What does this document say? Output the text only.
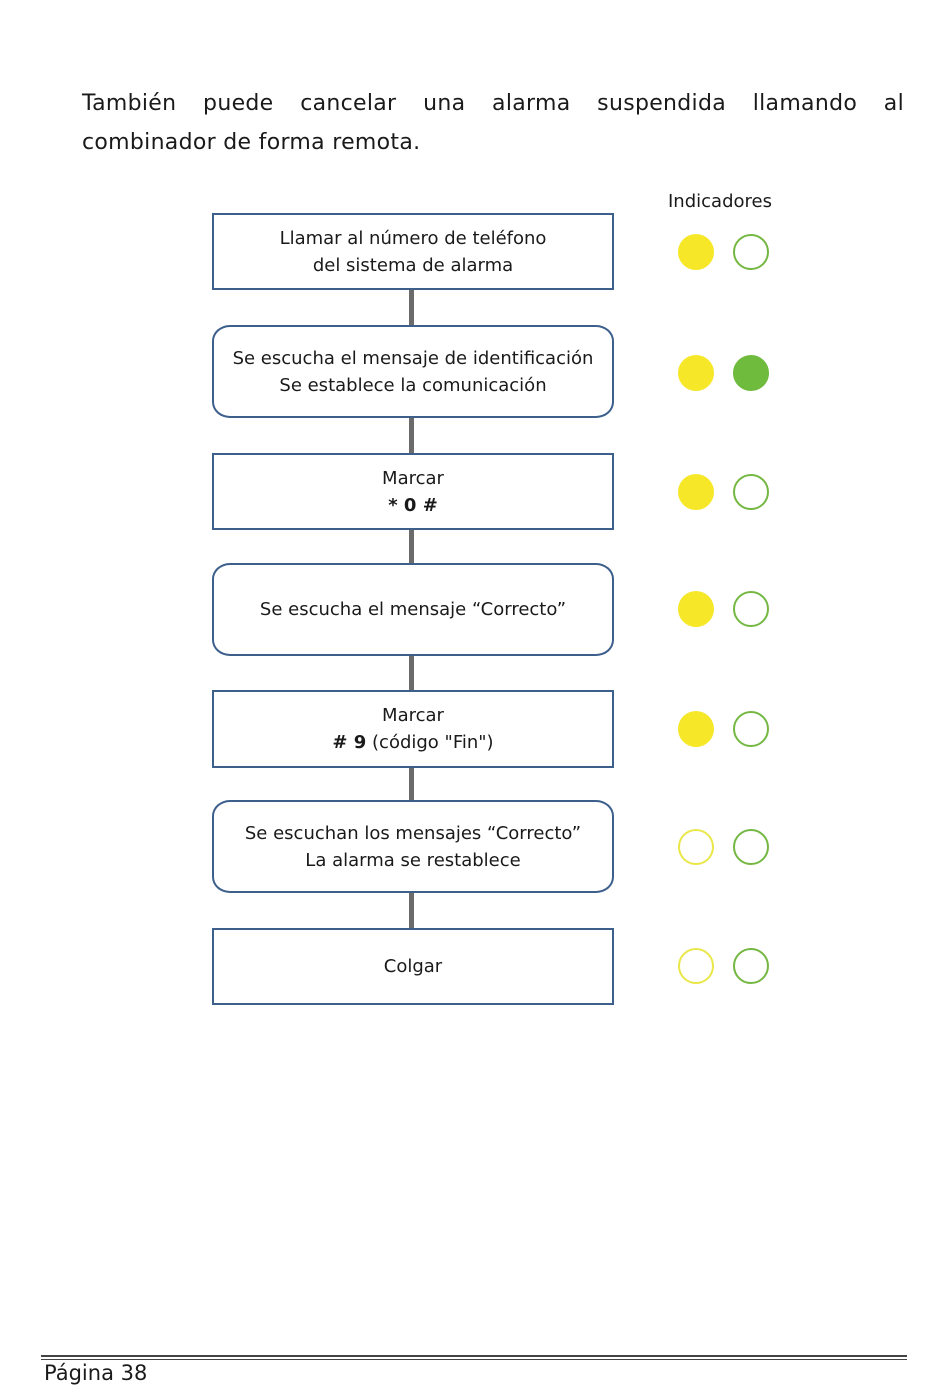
También puede cancelar una alarma suspendida llamando al combinador de forma remota.

Indicadores
Llamar al número de teléfono
del sistema de alarma
Se escucha el mensaje de identificación
Se establece la comunicación
Marcar
* 0 #
Se escucha el mensaje “Correcto”
Marcar
# 9 (código "Fin")
Se escuchan los mensajes “Correcto”
La alarma se restablece
Colgar
Página 38
